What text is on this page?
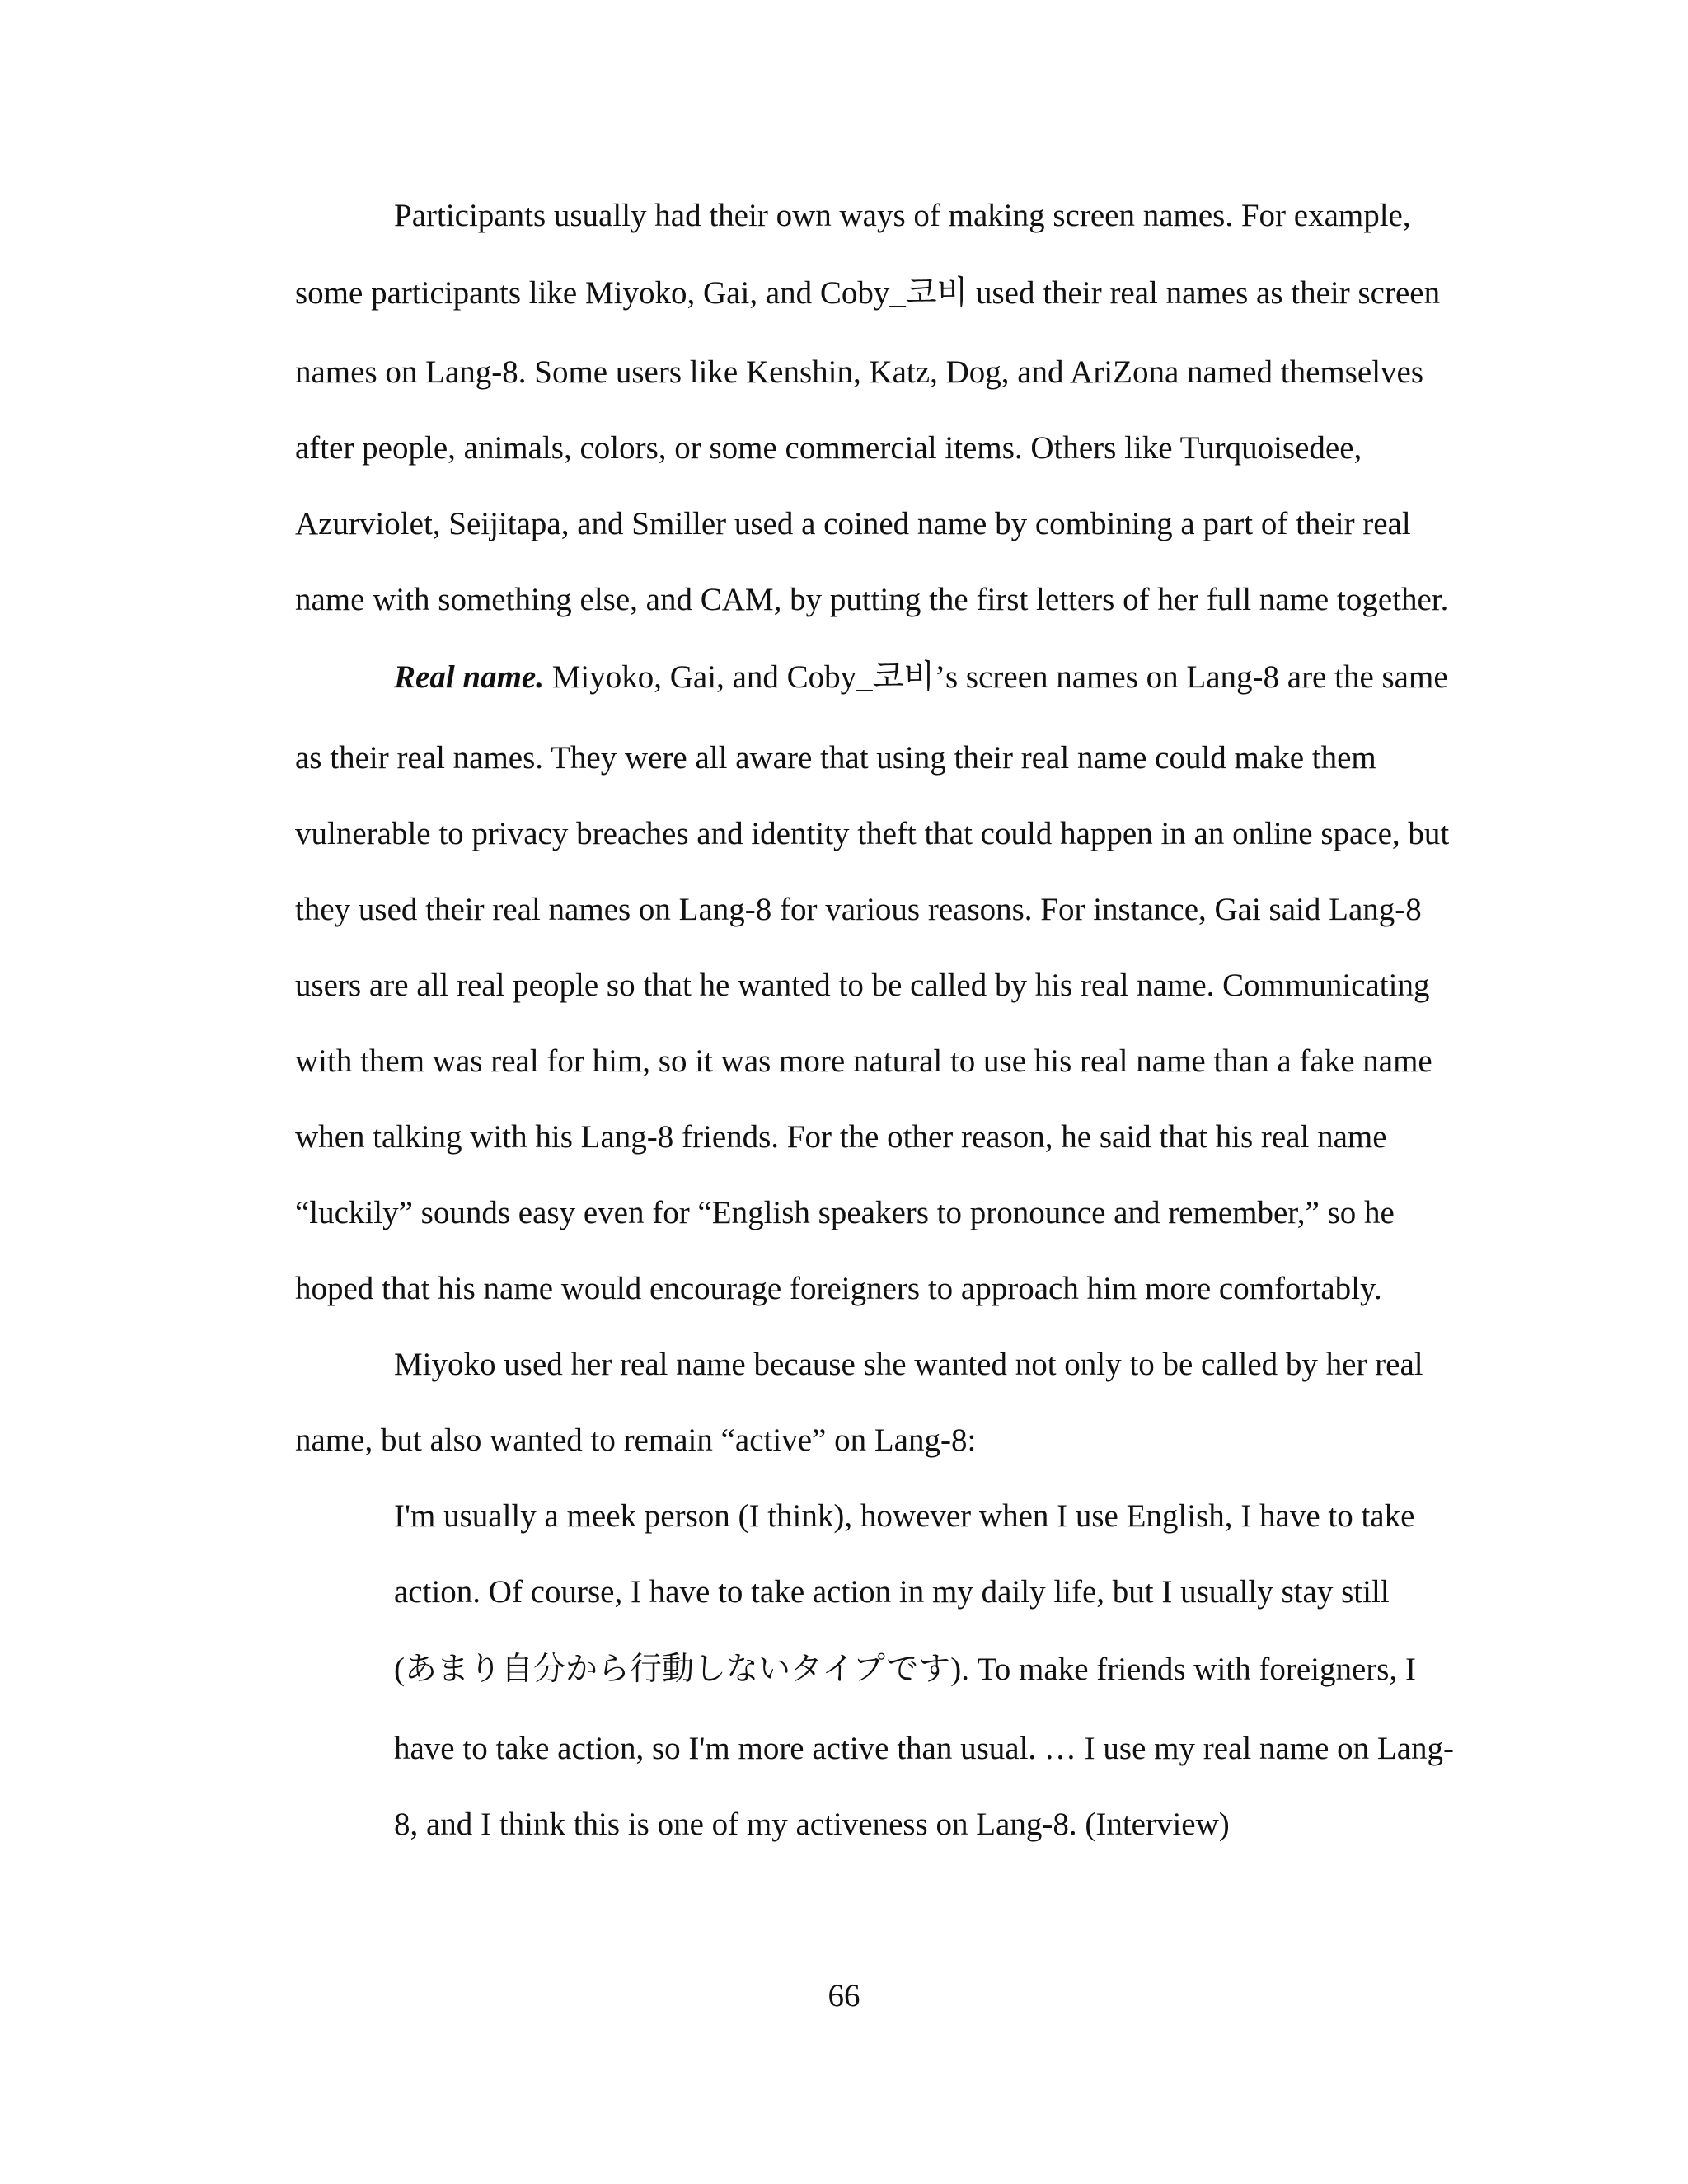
Participants usually had their own ways of making screen names. For example,
some participants like Miyoko, Gai, and Coby_코비 used their real names as their screen
names on Lang-8. Some users like Kenshin, Katz, Dog, and AriZona named themselves
after people, animals, colors, or some commercial items. Others like Turquoisedee,
Azurviolet, Seijitapa, and Smiller used a coined name by combining a part of their real
name with something else, and CAM, by putting the first letters of her full name together.
Real name. Miyoko, Gai, and Coby_코비’s screen names on Lang-8 are the same
as their real names. They were all aware that using their real name could make them
vulnerable to privacy breaches and identity theft that could happen in an online space, but
they used their real names on Lang-8 for various reasons. For instance, Gai said Lang-8
users are all real people so that he wanted to be called by his real name. Communicating
with them was real for him, so it was more natural to use his real name than a fake name
when talking with his Lang-8 friends. For the other reason, he said that his real name
“luckily” sounds easy even for “English speakers to pronounce and remember,” so he
hoped that his name would encourage foreigners to approach him more comfortably.
Miyoko used her real name because she wanted not only to be called by her real
name, but also wanted to remain “active” on Lang-8:
I'm usually a meek person (I think), however when I use English, I have to take
action. Of course, I have to take action in my daily life, but I usually stay still
(あまり自分から行動しないタイプです). To make friends with foreigners, I
have to take action, so I'm more active than usual. … I use my real name on Lang-
8, and I think this is one of my activeness on Lang-8. (Interview)
66
